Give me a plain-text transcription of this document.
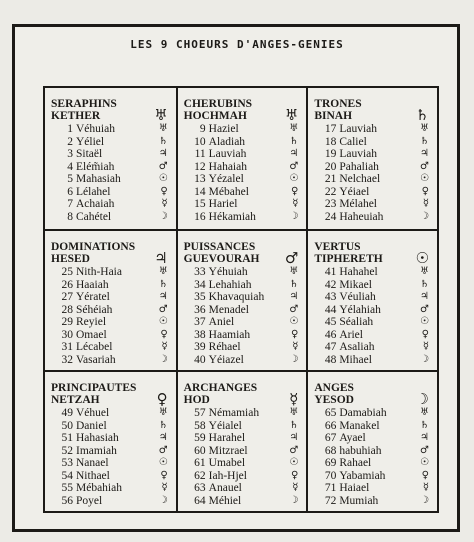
LES 9 CHOEURS D'ANGES-GENIES
SERAPHINS
KETHER	♅
1 Véhuiah	♅
2 Yéliel	♄
3 Sitaël	♃
4 Elém̃iah	♂
5 Mahasiah	☉
6 Lélahel	♀
7 Achaiah	☿
8 Cahétel	☽
CHERUBINS
HOCHMAH	♅
9 Haziel	♅
10 Aladiah	♄
11 Lauviah	♃
12 Hahaiah	♂
13 Yézalel	☉
14 Mébahel	♀
15 Hariel	☿
16 Hékamiah	☽
TRONES
BINAH	♄
17 Lauviah	♅
18 Caliel	♄
19 Lauviah	♃
20 Pahaliah	♂
21 Nelchael	☉
22 Yéiael	♀
23 Mélahel	☿
24 Haheuiah	☽
DOMINATIONS
HESED	♃
25 Nith-Haia	♅
26 Haaiah	♄
27 Yératel	♃
28 Séhéiah	♂
29 Reyiel	☉
30 Omael	♀
31 Lécabel	☿
32 Vasariah	☽
PUISSANCES
GUEVOURAH	♂
33 Yéhuiah	♅
34 Lehahiah	♄
35 Khavaquiah	♃
36 Menadel	♂
37 Aniel	☉
38 Haamiah	♀
39 Réhael	☿
40 Yéiazel	☽
VERTUS
TIPHERETH	☉
41 Hahahel	♅
42 Mikael	♄
43 Véuliah	♃
44 Yélahiah	♂
45 Séaliah	☉
46 Ariel	♀
47 Asaliah	☿
48 Mihael	☽
PRINCIPAUTES
NETZAH	♀
49 Véhuel	♅
50 Daniel	♄
51 Hahasiah	♃
52 Imamiah	♂
53 Nanael	☉
54 Nithael	♀
55 Mébahiah	☿
56 Poyel	☽
ARCHANGES
HOD	☿
57 Némamiah	♅
58 Yéialel	♄
59 Harahel	♃
60 Mitzrael	♂
61 Umabel	☉
62 Iah-Hjel	♀
63 Anauel	☿
64 Méhiel	☽
ANGES
YESOD	☽
65 Damabiah	♅
66 Manakel	♄
67 Ayael	♃
68 habuhiah	♂
69 Rahael	☉
70 Yabamiah	♀
71 Haiael	☿
72 Mumiah	☽
